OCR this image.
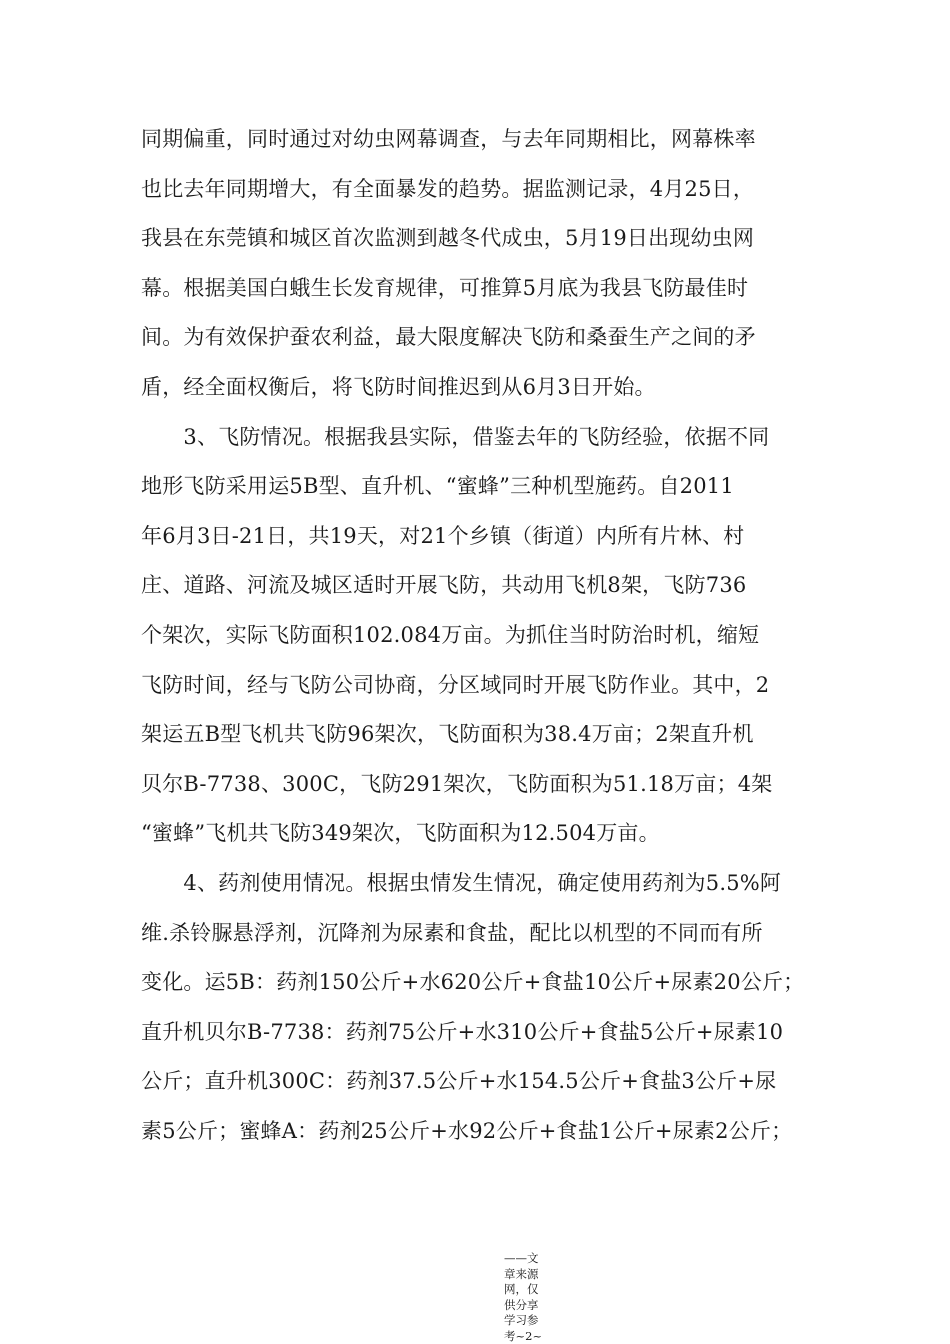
同期偏重，同时通过对幼虫网幕调查，与去年同期相比，网幕株率
也比去年同期增大，有全面暴发的趋势。据监测记录，4月25日，
我县在东莞镇和城区首次监测到越冬代成虫，5月19日出现幼虫网
幕。根据美国白蛾生长发育规律，可推算5月底为我县飞防最佳时
间。为有效保护蚕农利益，最大限度解决飞防和桑蚕生产之间的矛
盾，经全面权衡后，将飞防时间推迟到从6月3日开始。
　　3、飞防情况。根据我县实际，借鉴去年的飞防经验，依据不同
地形飞防采用运5B型、直升机、“蜜蜂”三种机型施药。自2011
年6月3日-21日，共19天，对21个乡镇（街道）内所有片林、村
庄、道路、河流及城区适时开展飞防，共动用飞机8架，飞防736
个架次，实际飞防面积102.084万亩。为抓住当时防治时机，缩短
飞防时间，经与飞防公司协商，分区域同时开展飞防作业。其中，2
架运五B型飞机共飞防96架次，飞防面积为38.4万亩；2架直升机
贝尔B-7738、300C，飞防291架次，飞防面积为51.18万亩；4架
“蜜蜂”飞机共飞防349架次，飞防面积为12.504万亩。
　　4、药剂使用情况。根据虫情发生情况，确定使用药剂为5.5%阿
维.杀铃脲悬浮剂，沉降剂为尿素和食盐，配比以机型的不同而有所
变化。运5B：药剂150公斤+水620公斤+食盐10公斤+尿素20公斤；
直升机贝尔B-7738：药剂75公斤+水310公斤+食盐5公斤+尿素10
公斤；直升机300C：药剂37.5公斤+水154.5公斤+食盐3公斤+尿
素5公斤；蜜蜂A：药剂25公斤+水92公斤+食盐1公斤+尿素2公斤；
——文
章来源
网，仅
供分享
学习参
考~2~
